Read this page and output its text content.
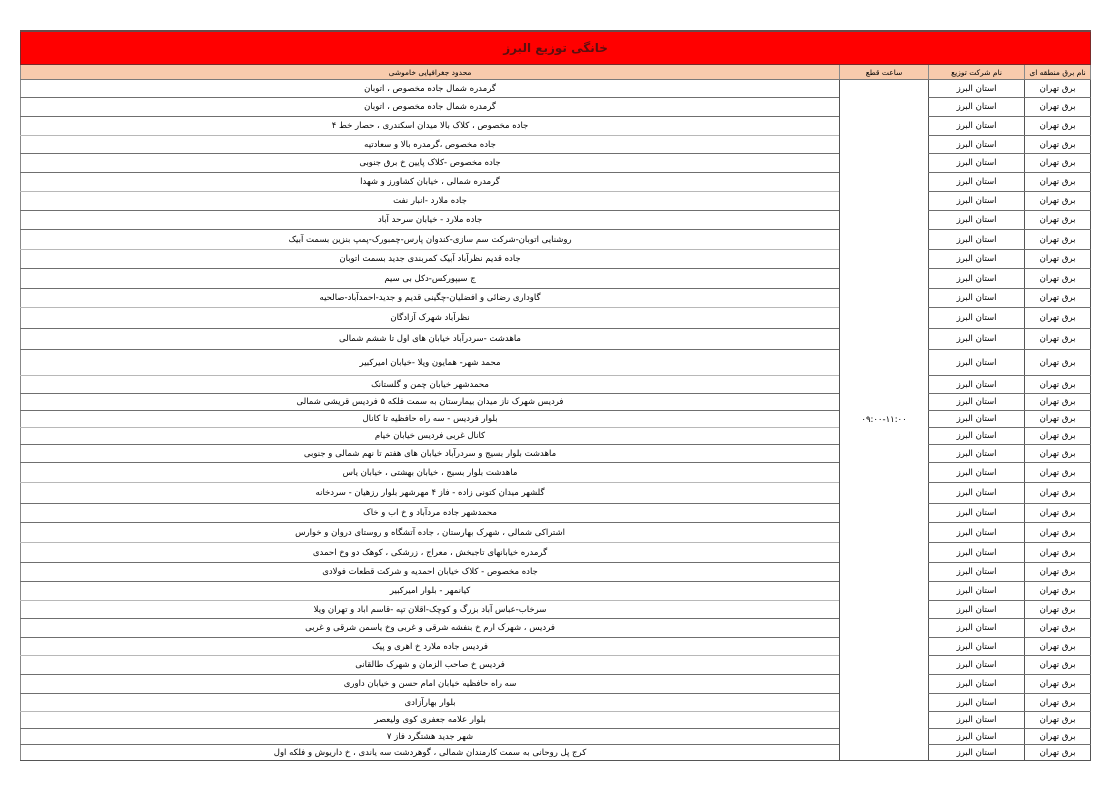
خانگی توزیع البرز			
نام برق منطقه ای	نام شرکت توزیع	ساعت قطع	محدود جغرافیایی خاموشی
برق تهران	استان البرز	۰۹:۰۰-۱۱:۰۰	گرمدره شمال جاده مخصوص ، اتوبان
برق تهران	استان البرز		گرمدره شمال جاده مخصوص ، اتوبان
برق تهران	استان البرز		جاده مخصوص ، کلاک بالا میدان اسکندری ، حصار خط ۴
برق تهران	استان البرز		جاده مخصوص ،گرمدره بالا و سعادتیه
برق تهران	استان البرز		جاده مخصوص -کلاک پایین خ برق جنوبی
برق تهران	استان البرز		گرمدره شمالی ، خیابان کشاورز و شهدا
برق تهران	استان البرز		جاده ملارد -انبار نفت
برق تهران	استان البرز		جاده ملارد - خیابان سرحد آباد
برق تهران	استان البرز		روشنایی اتوبان-شرکت سم سازی-کندوان پارس-چمبورک-پمپ بنزین بسمت آبیک
برق تهران	استان البرز		جاده قدیم نظرآباد آبیک کمربندی جدید بسمت اتوبان
برق تهران	استان البرز		ج سیپورکس-دکل بی سیم
برق تهران	استان البرز		گاوداری رضائی و افضلیان-چگینی قدیم و جدید-احمدآباد-صالحیه
برق تهران	استان البرز		نظرآباد شهرک آزادگان
برق تهران	استان البرز		ماهدشت -سردرآباد خیابان های اول تا ششم شمالی
برق تهران	استان البرز		محمد شهر- همایون ویلا -خیابان امیرکبیر
برق تهران	استان البرز		محمدشهر خیابان چمن و گلستانک
برق تهران	استان البرز		فردیس شهرک ناز میدان بیمارستان به سمت فلکه ۵ فردیس قریشی شمالی
برق تهران	استان البرز		بلوار فردیس - سه راه حافظیه تا کانال
برق تهران	استان البرز		کانال غربی فردیس خیابان خیام
برق تهران	استان البرز		ماهدشت بلوار بسیج و سردرآباد خیابان های هفتم تا نهم شمالی و جنوبی
برق تهران	استان البرز		ماهدشت بلوار بسیج ، خیابان بهشتی ، خیابان یاس
برق تهران	استان البرز		گلشهر میدان کتونی زاده - فاز ۴ مهرشهر بلوار رزهیان - سردخانه
برق تهران	استان البرز		محمدشهر جاده مردآباد و خ اب و خاک
برق تهران	استان البرز		اشتراکی شمالی ، شهرک بهارستان ، جاده آتشگاه و روستای دروان و خوارس
برق تهران	استان البرز		گرمدره خیابانهای تاجبخش ، معراج ، زرشکی ، کوهک دو وخ احمدی
برق تهران	استان البرز		جاده مخصوص - کلاک خیابان احمدیه و شرکت قطعات فولادی
برق تهران	استان البرز		کیانمهر - بلوار امیرکبیر
برق تهران	استان البرز		سرخاب-عباس آباد بزرگ و کوچک-اقلان تپه -قاسم اباد و تهران ویلا
برق تهران	استان البرز		فردیس ، شهرک ارم خ بنفشه شرقی و غربی وخ یاسمن شرقی و غربی
برق تهران	استان البرز		فردیس جاده ملارد خ اهری و پیک
برق تهران	استان البرز		فردیس خ صاحب الزمان و شهرک طالقانی
برق تهران	استان البرز		سه راه حافظیه خیابان امام حسن و خیابان داوری
برق تهران	استان البرز		بلوار بهارآزادی
برق تهران	استان البرز		بلوار علامه جعفری کوی ولیعصر
برق تهران	استان البرز		شهر جدید هشتگرد فاز ۷
برق تهران	استان البرز		کرج پل روحانی به سمت کارمندان شمالی ، گوهردشت سه یاندی ، خ داریوش و فلکه اول
